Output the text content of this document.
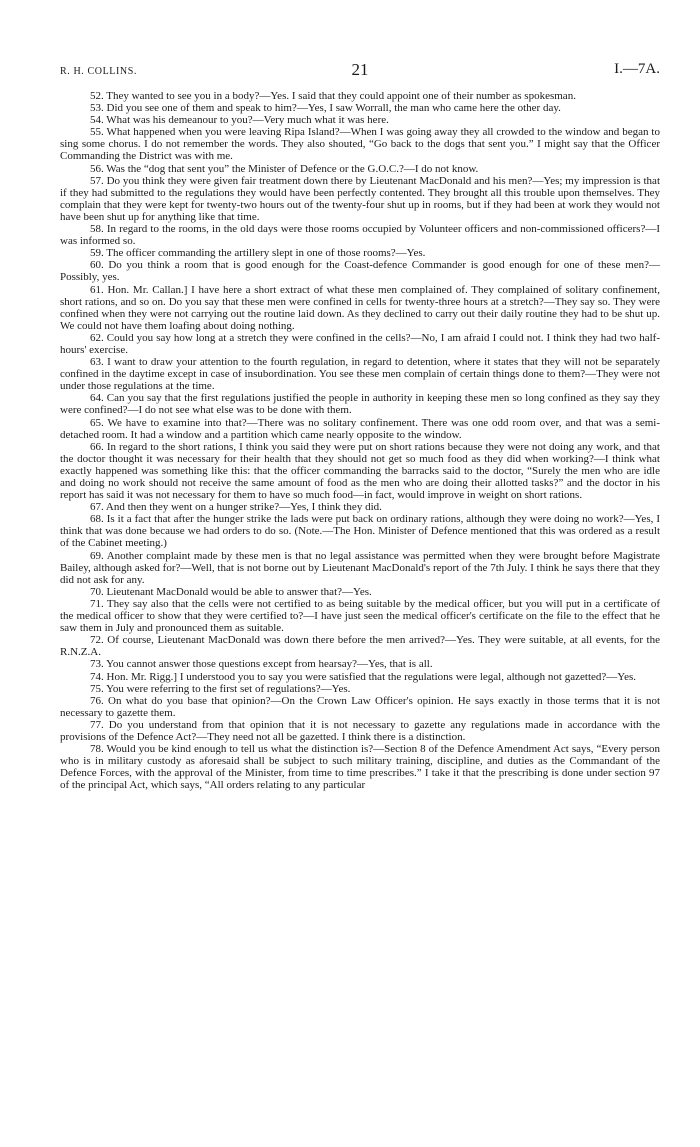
R. H. COLLINS.	21	I.—7A.

52. They wanted to see you in a body?—Yes. I said that they could appoint one of their number as spokesman.

53. Did you see one of them and speak to him?—Yes, I saw Worrall, the man who came here the other day.

54. What was his demeanour to you?—Very much what it was here.

55. What happened when you were leaving Ripa Island?—When I was going away they all crowded to the window and began to sing some chorus. I do not remember the words. They also shouted, “Go back to the dogs that sent you.” I might say that the Officer Commanding the District was with me.

56. Was the “dog that sent you” the Minister of Defence or the G.O.C.?—I do not know.

57. Do you think they were given fair treatment down there by Lieutenant MacDonald and his men?—Yes; my impression is that if they had submitted to the regulations they would have been perfectly contented. They brought all this trouble upon themselves. They complain that they were kept for twenty-two hours out of the twenty-four shut up in rooms, but if they had been at work they would not have been shut up for anything like that time.

58. In regard to the rooms, in the old days were those rooms occupied by Volunteer officers and non-commissioned officers?—I was informed so.

59. The officer commanding the artillery slept in one of those rooms?—Yes.

60. Do you think a room that is good enough for the Coast-defence Commander is good enough for one of these men?—Possibly, yes.

61. Hon. Mr. Callan.] I have here a short extract of what these men complained of. They complained of solitary confinement, short rations, and so on. Do you say that these men were confined in cells for twenty-three hours at a stretch?—They say so. They were confined when they were not carrying out the routine laid down. As they declined to carry out their daily routine they had to be shut up. We could not have them loafing about doing nothing.

62. Could you say how long at a stretch they were confined in the cells?—No, I am afraid I could not. I think they had two half-hours' exercise.

63. I want to draw your attention to the fourth regulation, in regard to detention, where it states that they will not be separately confined in the daytime except in case of insubordination. You see these men complain of certain things done to them?—They were not under those regulations at the time.

64. Can you say that the first regulations justified the people in authority in keeping these men so long confined as they say they were confined?—I do not see what else was to be done with them.

65. We have to examine into that?—There was no solitary confinement. There was one odd room over, and that was a semi-detached room. It had a window and a partition which came nearly opposite to the window.

66. In regard to the short rations, I think you said they were put on short rations because they were not doing any work, and that the doctor thought it was necessary for their health that they should not get so much food as they did when working?—I think what exactly happened was something like this: that the officer commanding the barracks said to the doctor, “Surely the men who are idle and doing no work should not receive the same amount of food as the men who are doing their allotted tasks?” and the doctor in his report has said it was not necessary for them to have so much food—in fact, would improve in weight on short rations.

67. And then they went on a hunger strike?—Yes, I think they did.

68. Is it a fact that after the hunger strike the lads were put back on ordinary rations, although they were doing no work?—Yes, I think that was done because we had orders to do so. (Note.—The Hon. Minister of Defence mentioned that this was ordered as a result of the Cabinet meeting.)

69. Another complaint made by these men is that no legal assistance was permitted when they were brought before Magistrate Bailey, although asked for?—Well, that is not borne out by Lieutenant MacDonald's report of the 7th July. I think he says there that they did not ask for any.

70. Lieutenant MacDonald would be able to answer that?—Yes.

71. They say also that the cells were not certified to as being suitable by the medical officer, but you will put in a certificate of the medical officer to show that they were certified to?—I have just seen the medical officer's certificate on the file to the effect that he saw them in July and pronounced them as suitable.

72. Of course, Lieutenant MacDonald was down there before the men arrived?—Yes. They were suitable, at all events, for the R.N.Z.A.

73. You cannot answer those questions except from hearsay?—Yes, that is all.

74. Hon. Mr. Rigg.] I understood you to say you were satisfied that the regulations were legal, although not gazetted?—Yes.

75. You were referring to the first set of regulations?—Yes.

76. On what do you base that opinion?—On the Crown Law Officer's opinion. He says exactly in those terms that it is not necessary to gazette them.

77. Do you understand from that opinion that it is not necessary to gazette any regulations made in accordance with the provisions of the Defence Act?—They need not all be gazetted. I think there is a distinction.

78. Would you be kind enough to tell us what the distinction is?—Section 8 of the Defence Amendment Act says, “Every person who is in military custody as aforesaid shall be subject to such military training, discipline, and duties as the Commandant of the Defence Forces, with the approval of the Minister, from time to time prescribes.” I take it that the prescribing is done under section 97 of the principal Act, which says, “All orders relating to any particular
